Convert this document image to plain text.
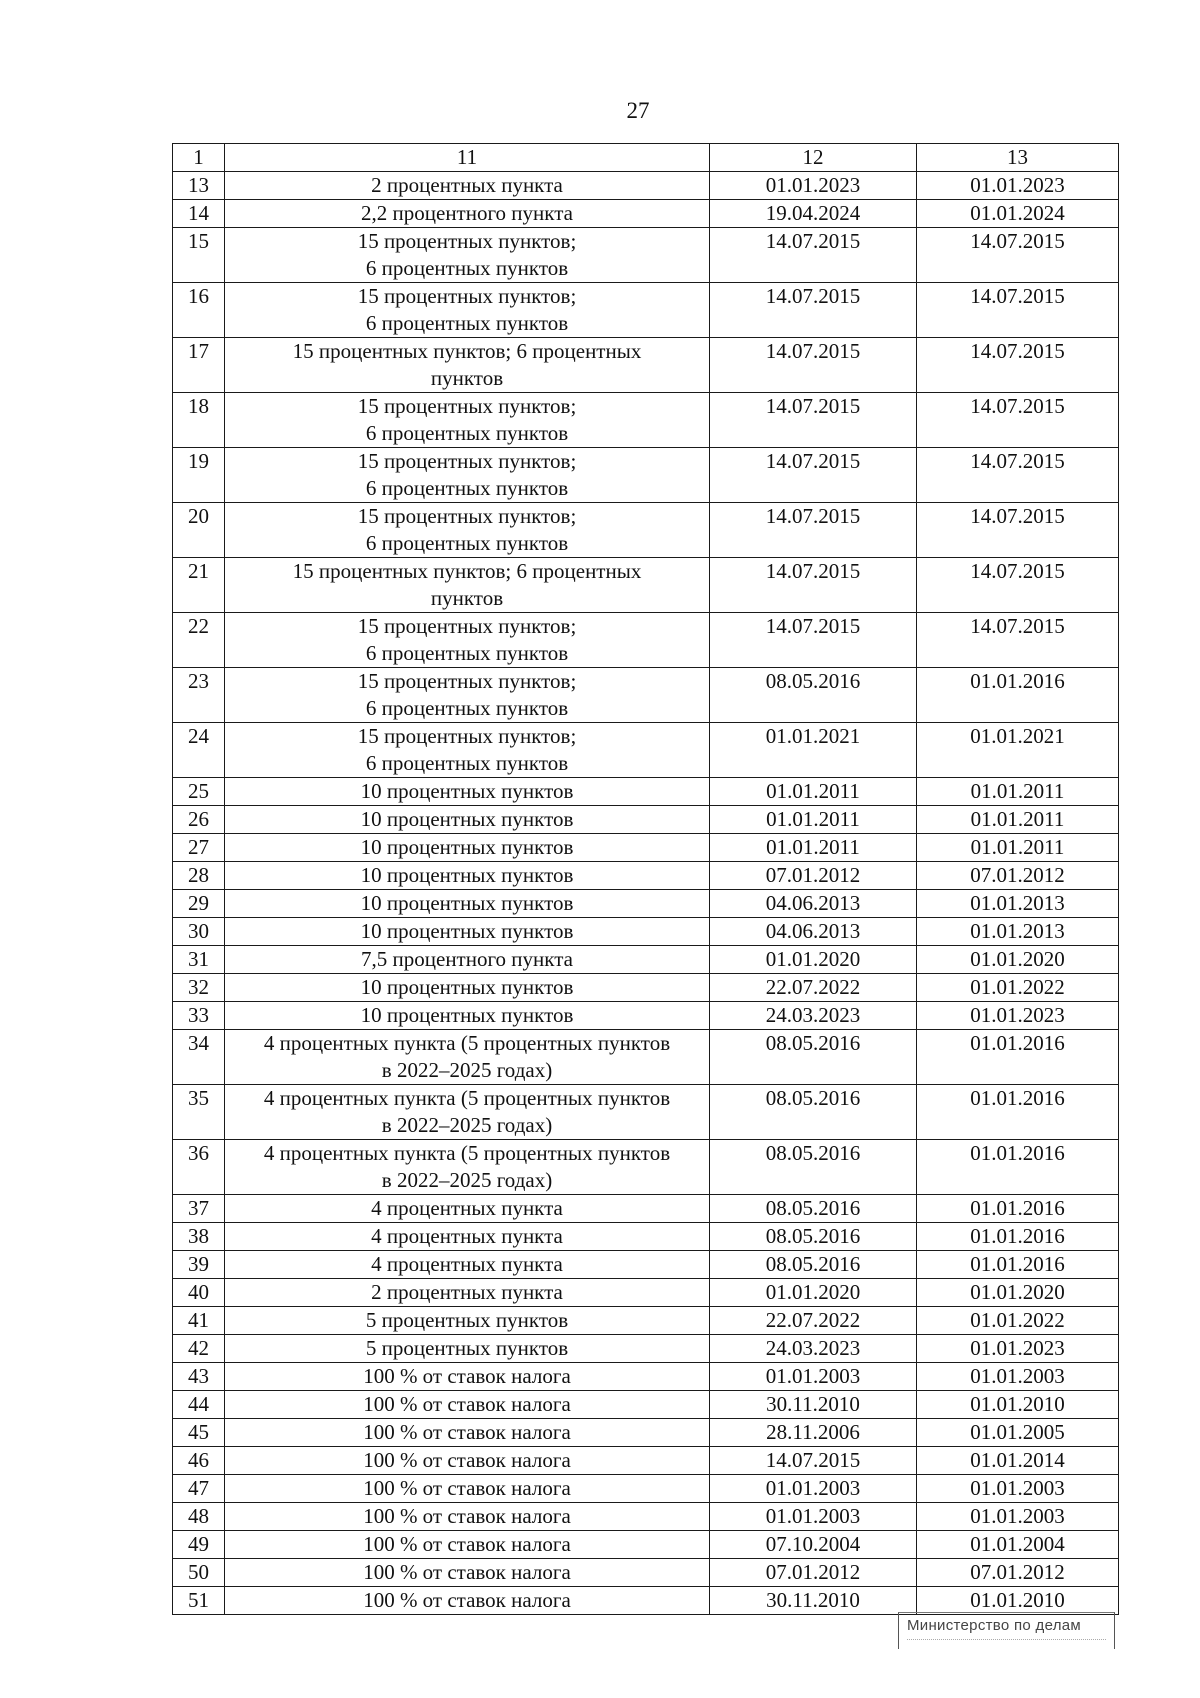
27
1	11	12	13
13	2 процентных пункта	01.01.2023	01.01.2023
14	2,2 процентного пункта	19.04.2024	01.01.2024
15	15 процентных пунктов;
6 процентных пунктов	14.07.2015	14.07.2015
16	15 процентных пунктов;
6 процентных пунктов	14.07.2015	14.07.2015
17	15 процентных пунктов; 6 процентных
пунктов	14.07.2015	14.07.2015
18	15 процентных пунктов;
6 процентных пунктов	14.07.2015	14.07.2015
19	15 процентных пунктов;
6 процентных пунктов	14.07.2015	14.07.2015
20	15 процентных пунктов;
6 процентных пунктов	14.07.2015	14.07.2015
21	15 процентных пунктов; 6 процентных
пунктов	14.07.2015	14.07.2015
22	15 процентных пунктов;
6 процентных пунктов	14.07.2015	14.07.2015
23	15 процентных пунктов;
6 процентных пунктов	08.05.2016	01.01.2016
24	15 процентных пунктов;
6 процентных пунктов	01.01.2021	01.01.2021
25	10 процентных пунктов	01.01.2011	01.01.2011
26	10 процентных пунктов	01.01.2011	01.01.2011
27	10 процентных пунктов	01.01.2011	01.01.2011
28	10 процентных пунктов	07.01.2012	07.01.2012
29	10 процентных пунктов	04.06.2013	01.01.2013
30	10 процентных пунктов	04.06.2013	01.01.2013
31	7,5 процентного пункта	01.01.2020	01.01.2020
32	10 процентных пунктов	22.07.2022	01.01.2022
33	10 процентных пунктов	24.03.2023	01.01.2023
34	4 процентных пункта (5 процентных пунктов
в 2022–2025 годах)	08.05.2016	01.01.2016
35	4 процентных пункта (5 процентных пунктов
в 2022–2025 годах)	08.05.2016	01.01.2016
36	4 процентных пункта (5 процентных пунктов
в 2022–2025 годах)	08.05.2016	01.01.2016
37	4 процентных пункта	08.05.2016	01.01.2016
38	4 процентных пункта	08.05.2016	01.01.2016
39	4 процентных пункта	08.05.2016	01.01.2016
40	2 процентных пункта	01.01.2020	01.01.2020
41	5 процентных пунктов	22.07.2022	01.01.2022
42	5 процентных пунктов	24.03.2023	01.01.2023
43	100 % от ставок налога	01.01.2003	01.01.2003
44	100 % от ставок налога	30.11.2010	01.01.2010
45	100 % от ставок налога	28.11.2006	01.01.2005
46	100 % от ставок налога	14.07.2015	01.01.2014
47	100 % от ставок налога	01.01.2003	01.01.2003
48	100 % от ставок налога	01.01.2003	01.01.2003
49	100 % от ставок налога	07.10.2004	01.01.2004
50	100 % от ставок налога	07.01.2012	07.01.2012
51	100 % от ставок налога	30.11.2010	01.01.2010
Министерство по делам
